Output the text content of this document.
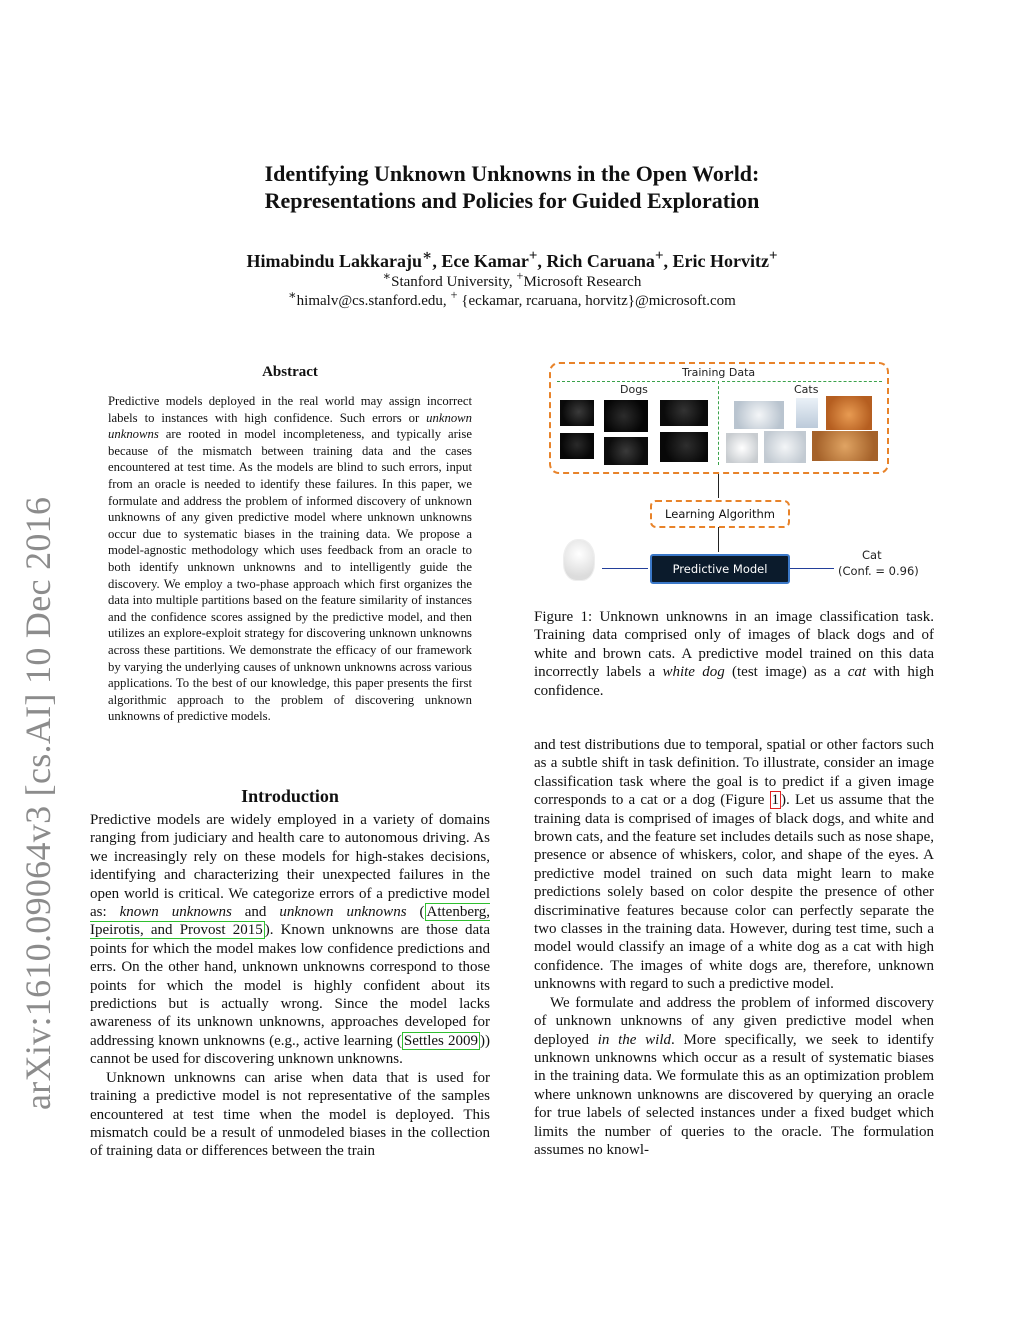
arXiv:1610.09064v3 [cs.AI] 10 Dec 2016
Identifying Unknown Unknowns in the Open World:
Representations and Policies for Guided Exploration
Himabindu Lakkaraju∗, Ece Kamar+, Rich Caruana+, Eric Horvitz+
∗Stanford University, +Microsoft Research
∗himalv@cs.stanford.edu, + {eckamar, rcaruana, horvitz}@microsoft.com
Abstract
Predictive models deployed in the real world may assign incorrect labels to instances with high confidence. Such errors or unknown unknowns are rooted in model incompleteness, and typically arise because of the mismatch between training data and the cases encountered at test time. As the models are blind to such errors, input from an oracle is needed to identify these failures. In this paper, we formulate and address the problem of informed discovery of unknown unknowns of any given predictive model where unknown unknowns occur due to systematic biases in the training data. We propose a model-agnostic methodology which uses feedback from an oracle to both identify unknown unknowns and to intelligently guide the discovery. We employ a two-phase approach which first organizes the data into multiple partitions based on the feature similarity of instances and the confidence scores assigned by the predictive model, and then utilizes an explore-exploit strategy for discovering unknown unknowns across these partitions. We demonstrate the efficacy of our framework by varying the underlying causes of unknown unknowns across various applications. To the best of our knowledge, this paper presents the first algorithmic approach to the problem of discovering unknown unknowns of predictive models.
Introduction

Predictive models are widely employed in a variety of domains ranging from judiciary and health care to autonomous driving. As we increasingly rely on these models for high-stakes decisions, identifying and characterizing their unexpected failures in the open world is critical. We categorize errors of a predictive model as: known unknowns and unknown unknowns ( Attenberg, Ipeirotis, and Provost 2015 ). Known unknowns are those data points for which the model makes low confidence predictions and errs. On the other hand, unknown unknowns correspond to those points for which the model is highly confident about its predictions but is actually wrong. Since the model lacks awareness of its unknown unknowns, approaches developed for addressing known unknowns (e.g., active learning ( Settles 2009 )) cannot be used for discovering unknown unknowns.

Unknown unknowns can arise when data that is used for training a predictive model is not representative of the samples encountered at test time when the model is deployed. This mismatch could be a result of unmodeled biases in the collection of training data or differences between the train

Training Data
Dogs	Cats
Learning Algorithm
Predictive Model
Cat
(Conf. = 0.96)
Figure 1: Unknown unknowns in an image classification task. Training data comprised only of images of black dogs and of white and brown cats. A predictive model trained on this data incorrectly labels a white dog (test image) as a cat with high confidence.

and test distributions due to temporal, spatial or other factors such as a subtle shift in task definition. To illustrate, consider an image classification task where the goal is to predict if a given image corresponds to a cat or a dog (Figure 1 ). Let us assume that the training data is comprised of images of black dogs, and white and brown cats, and the feature set includes details such as nose shape, presence or absence of whiskers, color, and shape of the eyes. A predictive model trained on such data might learn to make predictions solely based on color despite the presence of other discriminative features because color can perfectly separate the two classes in the training data. However, during test time, such a model would classify an image of a white dog as a cat with high confidence. The images of white dogs are, therefore, unknown unknowns with regard to such a predictive model.

We formulate and address the problem of informed discovery of unknown unknowns of any given predictive model when deployed in the wild. More specifically, we seek to identify unknown unknowns which occur as a result of systematic biases in the training data. We formulate this as an optimization problem where unknown unknowns are discovered by querying an oracle for true labels of selected instances under a fixed budget which limits the number of queries to the oracle. The formulation assumes no knowl-
